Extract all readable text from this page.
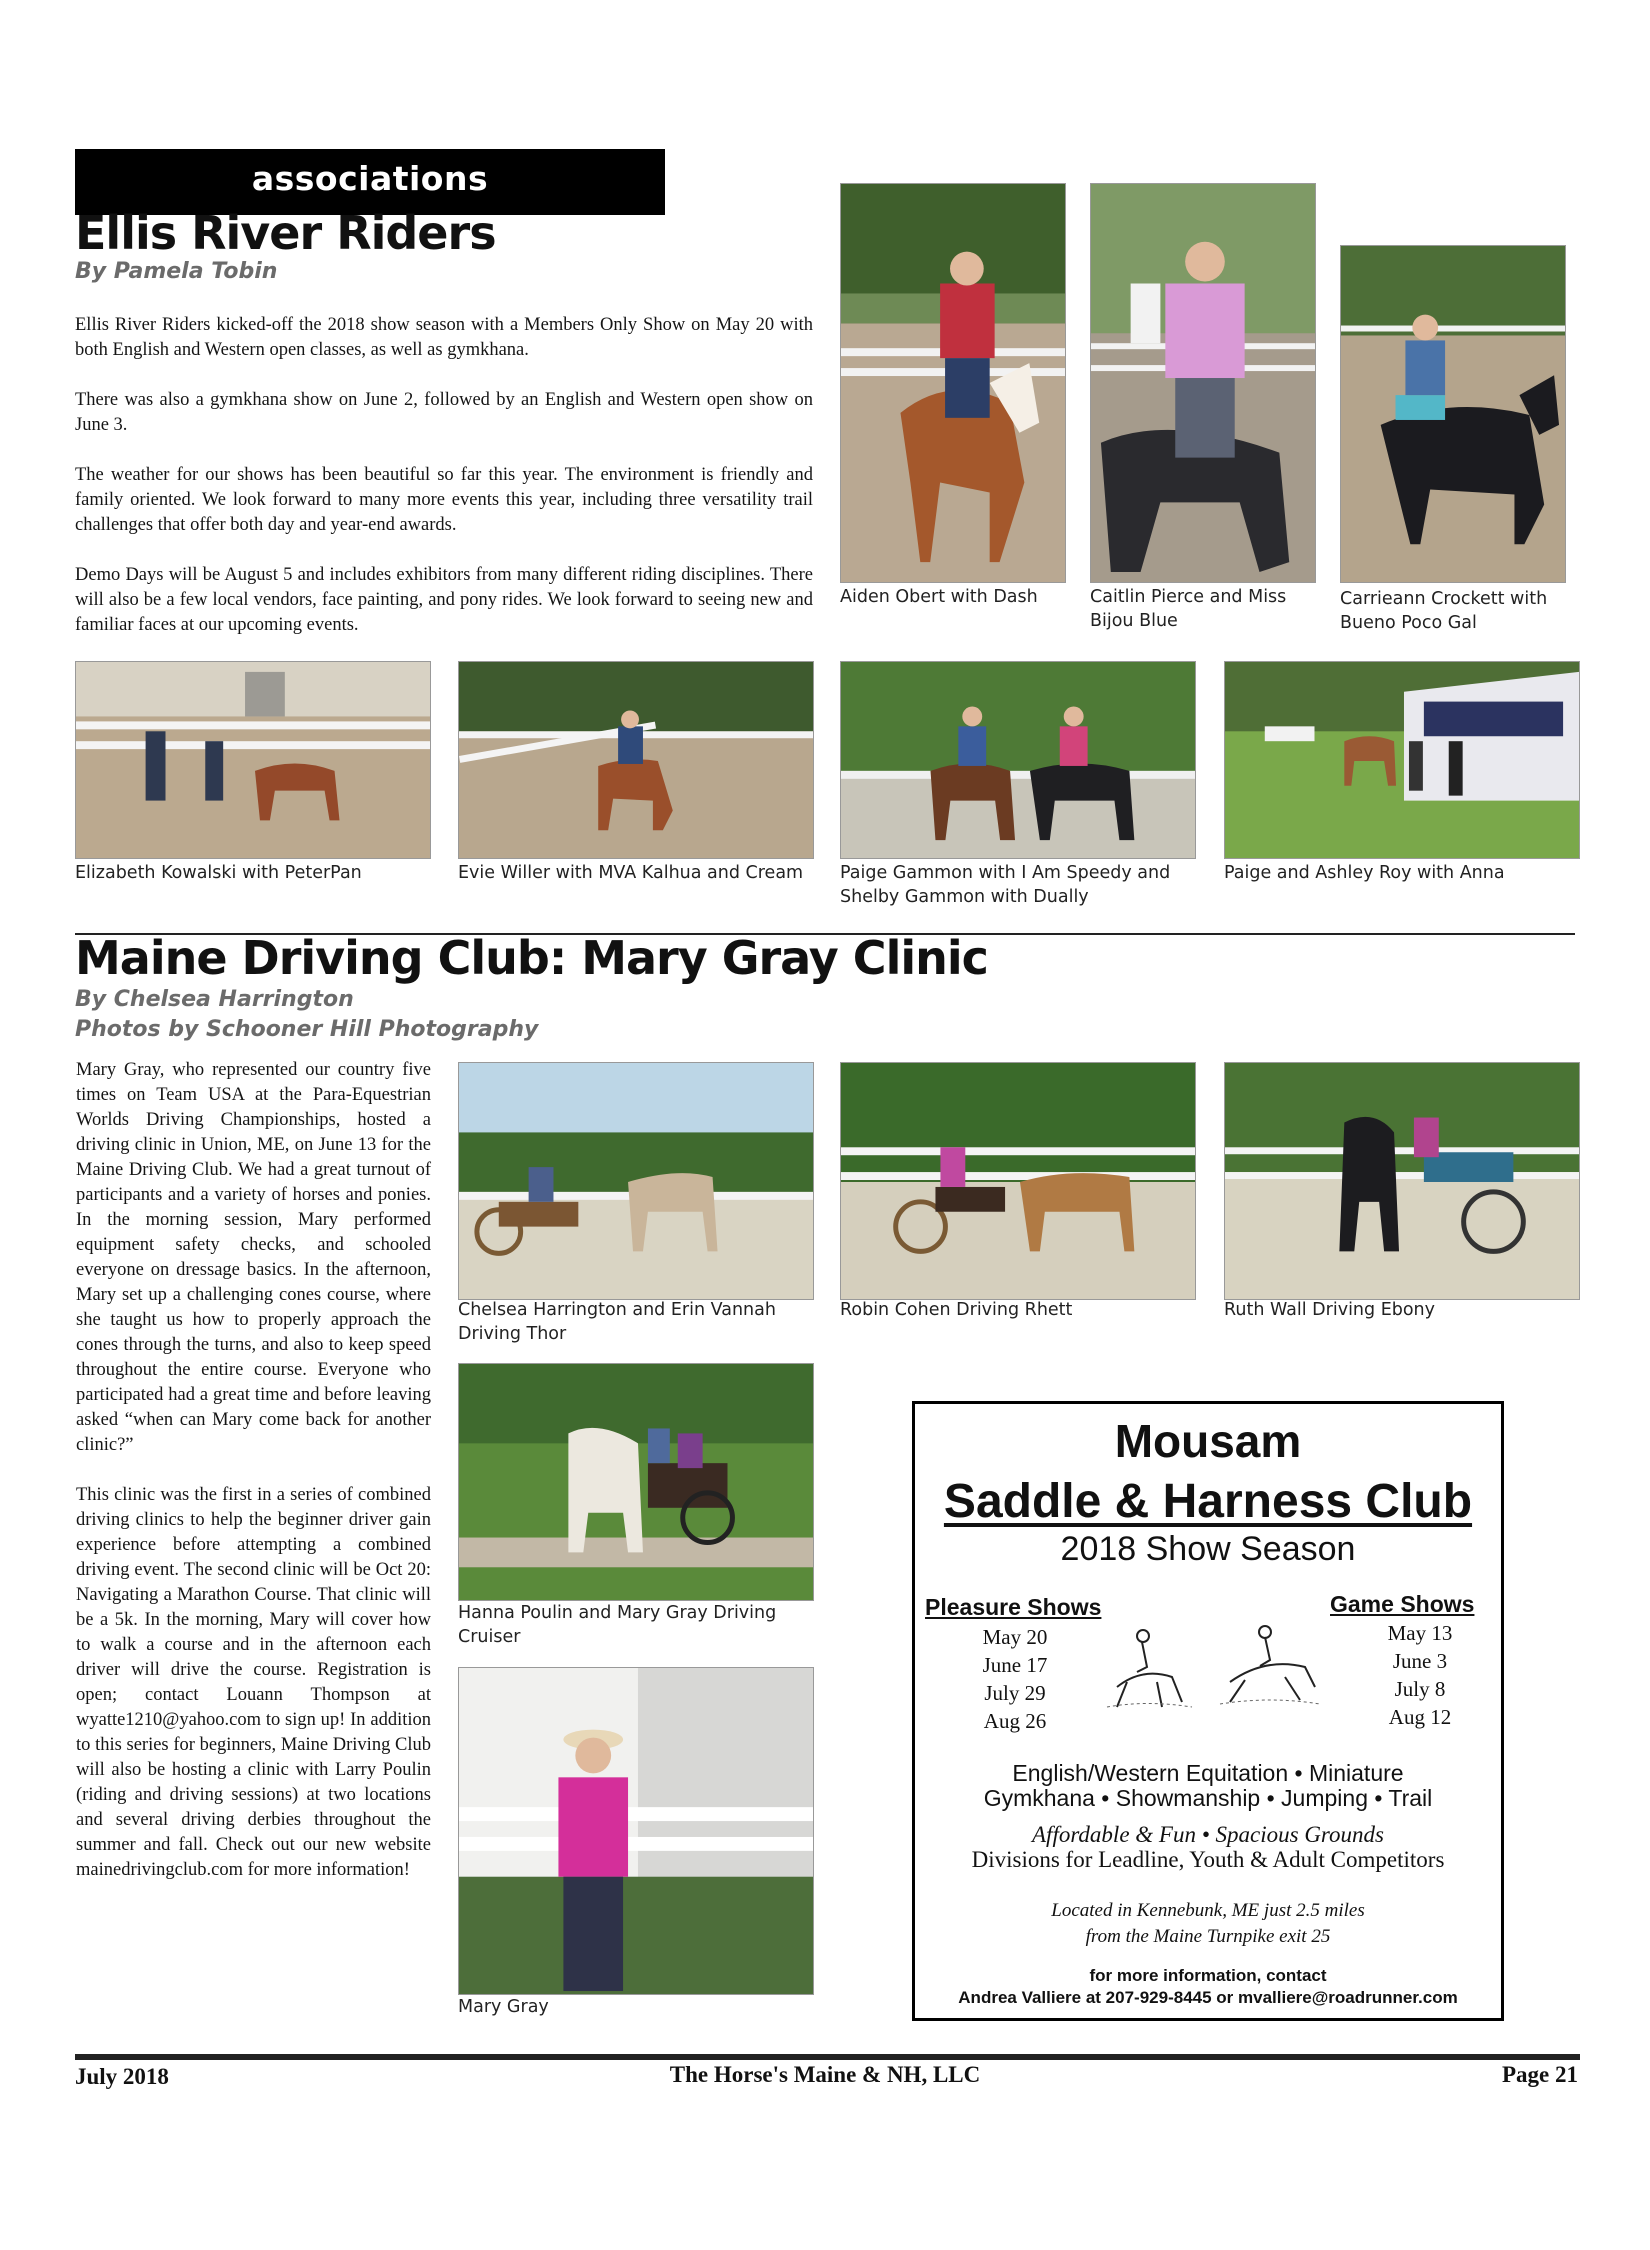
associations
Ellis River Riders
By Pamela Tobin

Ellis River Riders kicked-off the 2018 show season with a Members Only Show on May 20 with both English and Western open classes, as well as gymkhana.

There was also a gymkhana show on June 2, followed by an English and Western open show on June 3.

The weather for our shows has been beautiful so far this year. The environment is friendly and family oriented. We look forward to many more events this year, including three versatility trail challenges that offer both day and year-end awards.

Demo Days will be August 5 and includes exhibitors from many different riding disciplines. There will also be a few local vendors, face painting, and pony rides. We look forward to seeing new and familiar faces at our upcoming events.

Aiden Obert with Dash	Caitlin Pierce and Miss Bijou Blue
Carrieann Crockett with Bueno Poco Gal
Elizabeth Kowalski with PeterPan	Evie Willer with MVA Kalhua and Cream	Paige Gammon with I Am Speedy and Shelby Gammon with Dually
Paige and Ashley Roy with Anna
Maine Driving Club: Mary Gray Clinic
By Chelsea Harrington
Photos by Schooner Hill Photography

Mary Gray, who represented our country five times on Team USA at the Para-Equestrian Worlds Driving Championships, hosted a driving clinic in Union, ME, on June 13 for the Maine Driving Club. We had a great turnout of participants and a variety of horses and ponies. In the morning session, Mary performed equipment safety checks, and schooled everyone on dressage basics. In the afternoon, Mary set up a challenging cones course, where she taught us how to properly approach the cones through the turns, and also to keep speed throughout the entire course. Everyone who participated had a great time and before leaving asked “when can Mary come back for another clinic?”

This clinic was the first in a series of combined driving clinics to help the beginner driver gain experience before attempting a combined driving event. The second clinic will be Oct 20: Navigating a Marathon Course. That clinic will be a 5k. In the morning, Mary will cover how to walk a course and in the afternoon each driver will drive the course. Registration is open; contact Louann Thompson at wyatte1210@yahoo.com to sign up! In addition to this series for beginners, Maine Driving Club will also be hosting a clinic with Larry Poulin (riding and driving sessions) at two locations and several driving derbies throughout the summer and fall. Check out our new website mainedrivingclub.com for more information!

Chelsea Harrington and Erin Vannah Driving Thor
Robin Cohen Driving Rhett	Ruth Wall Driving Ebony
Hanna Poulin and Mary Gray Driving Cruiser
Mary Gray
Mousam
Saddle & Harness Club
2018 Show Season
Pleasure Shows
May 20
June 17
July 29
Aug 26
Game Shows
May 13
June 3
July 8
Aug 12
English/Western Equitation • Miniature
Gymkhana • Showmanship • Jumping • Trail
Affordable & Fun • Spacious Grounds
Divisions for Leadline, Youth & Adult Competitors
Located in Kennebunk, ME just 2.5 miles
from the Maine Turnpike exit 25
for more information, contact
Andrea Valliere at 207-929-8445 or mvalliere@roadrunner.com
July 2018	The Horse's Maine & NH, LLC	Page 21
